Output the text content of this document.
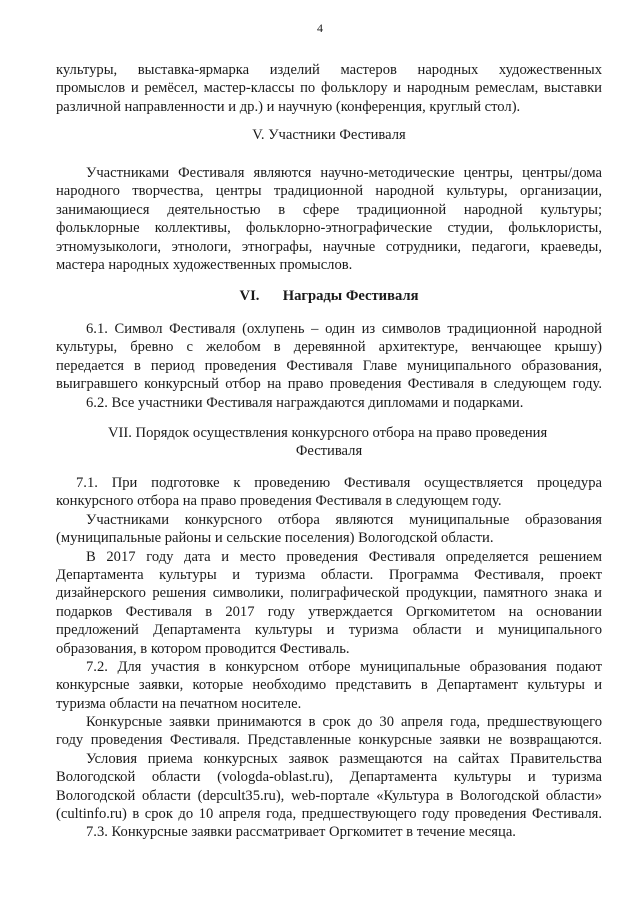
4
культуры, выставка-ярмарка изделий мастеров народных художественных
промыслов и ремёсел, мастер-классы по фольклору и народным ремеслам, выставки
различной направленности и др.) и научную (конференция, круглый стол).
V. Участники Фестиваля
Участниками Фестиваля являются научно-методические центры, центры/дома
народного творчества, центры традиционной народной культуры, организации,
занимающиеся деятельностью в сфере традиционной народной культуры;
фольклорные коллективы, фольклорно-этнографические студии, фольклористы,
этномузыкологи, этнологи, этнографы, научные сотрудники, педагоги, краеведы,
мастера народных художественных промыслов.
VI. Награды Фестиваля
6.1. Символ Фестиваля (охлупень – один из символов традиционной народной
культуры, бревно с желобом в деревянной архитектуре, венчающее крышу)
передается в период проведения Фестиваля Главе муниципального образования,
выигравшего конкурсный отбор на право проведения Фестиваля в следующем году.
6.2. Все участники Фестиваля награждаются дипломами и подарками.
VII. Порядок осуществления конкурсного отбора на право проведения
Фестиваля
7.1. При подготовке к проведению Фестиваля осуществляется процедура
конкурсного отбора на право проведения Фестиваля в следующем году.
Участниками конкурсного отбора являются муниципальные образования
(муниципальные районы и сельские поселения) Вологодской области.
В 2017 году дата и место проведения Фестиваля определяется решением
Департамента культуры и туризма области. Программа Фестиваля, проект
дизайнерского решения символики, полиграфической продукции, памятного знака и
подарков Фестиваля в 2017 году утверждается Оргкомитетом на основании
предложений Департамента культуры и туризма области и муниципального
образования, в котором проводится Фестиваль.
7.2. Для участия в конкурсном отборе муниципальные образования подают
конкурсные заявки, которые необходимо представить в Департамент культуры и
туризма области на печатном носителе.
Конкурсные заявки принимаются в срок до 30 апреля года, предшествующего
году проведения Фестиваля. Представленные конкурсные заявки не возвращаются.
Условия приема конкурсных заявок размещаются на сайтах Правительства
Вологодской области (vologda-oblast.ru), Департамента культуры и туризма
Вологодской области (depcult35.ru), web-портале «Культура в Вологодской области»
(cultinfo.ru) в срок до 10 апреля года, предшествующего году проведения Фестиваля.
7.3. Конкурсные заявки рассматривает Оргкомитет в течение месяца.
